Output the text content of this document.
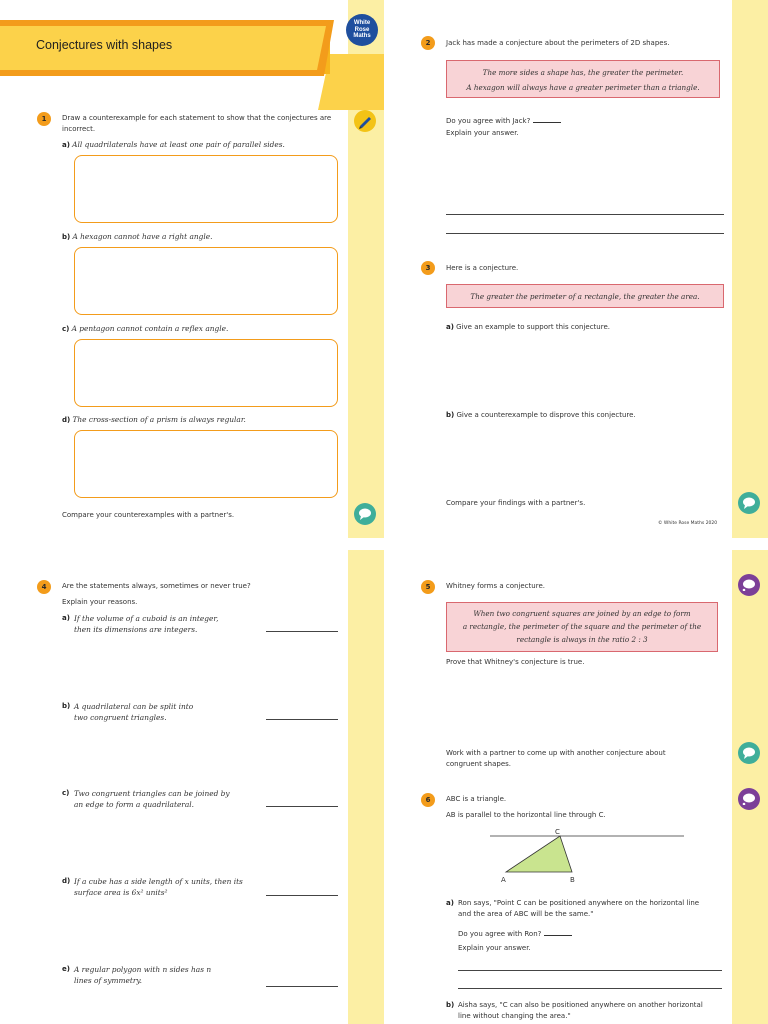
Conjectures with shapes
White
Rose
Maths
1	Draw a counterexample for each statement to show that the conjectures are incorrect.
a) All quadrilaterals have at least one pair of parallel sides.
b) A hexagon cannot have a right angle.
c) A pentagon cannot contain a reflex angle.
d) The cross-section of a prism is always regular.
Compare your counterexamples with a partner's.
2	Jack has made a conjecture about the perimeters of 2D shapes.
The more sides a shape has, the greater the perimeter.
A hexagon will always have a greater perimeter than a triangle.
Do you agree with Jack?
Explain your answer.
3	Here is a conjecture.
The greater the perimeter of a rectangle, the greater the area.
a) Give an example to support this conjecture.
b) Give a counterexample to disprove this conjecture.
Compare your findings with a partner's.
© White Rose Maths 2020
4	Are the statements always, sometimes or never true?
Explain your reasons.
a) If the volume of a cuboid is an integer,
then its dimensions are integers.
b) A quadrilateral can be split into
two congruent triangles.
c) Two congruent triangles can be joined by
an edge to form a quadrilateral.
d) If a cube has a side length of x units, then its
surface area is 6x² units²
e) A regular polygon with n sides has n
lines of symmetry.
5	Whitney forms a conjecture.
When two congruent squares are joined by an edge to form
a rectangle, the perimeter of the square and the perimeter of the
rectangle is always in the ratio 2 : 3
Prove that Whitney's conjecture is true.
Work with a partner to come up with another conjecture about
congruent shapes.
6	ABC is a triangle.
AB is parallel to the horizontal line through C.
A	B
C
a) Ron says, "Point C can be positioned anywhere on the horizontal line
and the area of ABC will be the same."
Do you agree with Ron?
Explain your answer.
b) Aisha says, "C can also be positioned anywhere on another horizontal
line without changing the area."
